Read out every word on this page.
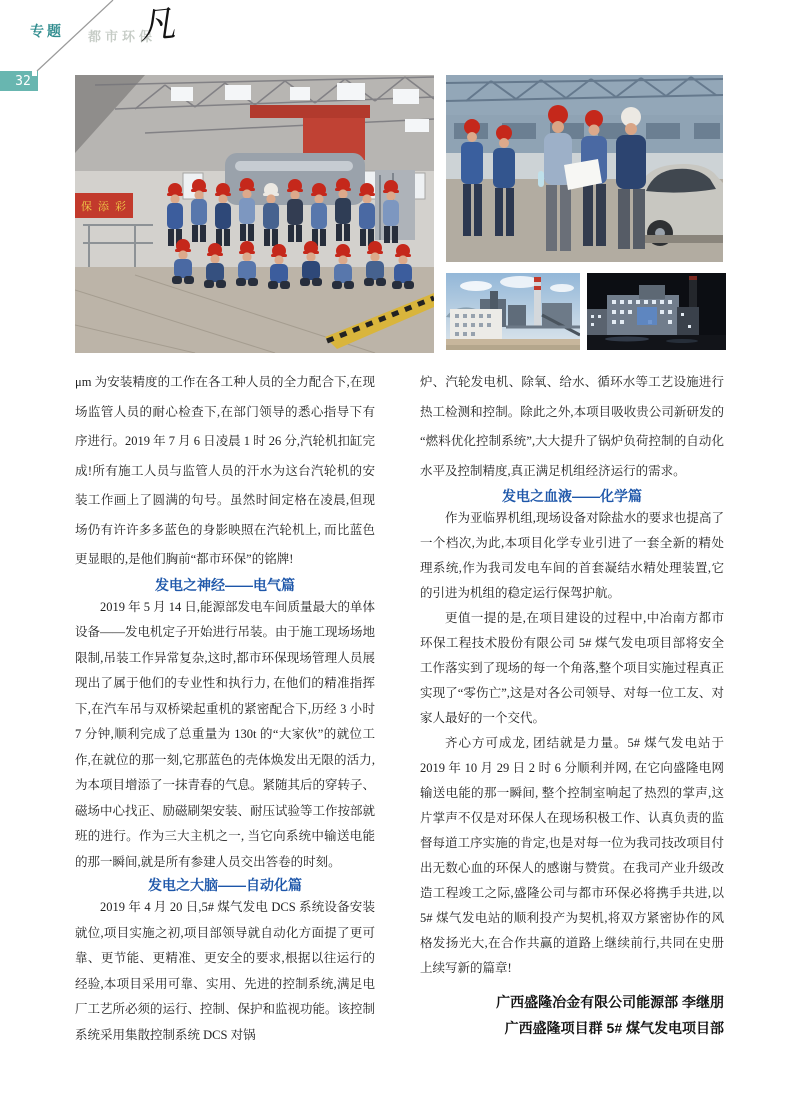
专题 都市环保
凡
32
保添彩

μm 为安装精度的工作在各工种人员的全力配合下,在现场监管人员的耐心检查下,在部门领导的悉心指导下有序进行。2019 年 7 月 6 日凌晨 1 时 26 分,汽轮机扣缸完成!所有施工人员与监管人员的汗水为这台汽轮机的安装工作画上了圆满的句号。虽然时间定格在凌晨,但现场仍有许许多多蓝色的身影映照在汽轮机上, 而比蓝色更显眼的,是他们胸前“都市环保”的铭牌!

发电之神经——电气篇

2019 年 5 月 14 日,能源部发电车间质量最大的单体设备——发电机定子开始进行吊装。由于施工现场场地限制,吊装工作异常复杂,这时,都市环保现场管理人员展现出了属于他们的专业性和执行力, 在他们的精准指挥下,在汽车吊与双桥梁起重机的紧密配合下,历经 3 小时 7 分钟,顺利完成了总重量为 130t 的“大家伙”的就位工作,在就位的那一刻,它那蓝色的壳体焕发出无限的活力,为本项目增添了一抹青春的气息。紧随其后的穿转子、磁场中心找正、励磁刷架安装、耐压试验等工作按部就班的进行。作为三大主机之一, 当它向系统中输送电能的那一瞬间,就是所有参建人员交出答卷的时刻。

发电之大脑——自动化篇

2019 年 4 月 20 日,5# 煤气发电 DCS 系统设备安装就位,项目实施之初,项目部领导就自动化方面提了更可靠、更节能、更精准、更安全的要求,根据以往运行的经验,本项目采用可靠、实用、先进的控制系统,满足电厂工艺所必须的运行、控制、保护和监视功能。该控制系统采用集散控制系统 DCS 对锅

炉、汽轮发电机、除氧、给水、循环水等工艺设施进行热工检测和控制。除此之外,本项目吸收贵公司新研发的“燃料优化控制系统”,大大提升了锅炉负荷控制的自动化水平及控制精度,真正满足机组经济运行的需求。

发电之血液——化学篇

作为亚临界机组,现场设备对除盐水的要求也提高了一个档次,为此,本项目化学专业引进了一套全新的精处理系统,作为我司发电车间的首套凝结水精处理装置,它的引进为机组的稳定运行保驾护航。

更值一提的是,在项目建设的过程中,中冶南方都市环保工程技术股份有限公司 5# 煤气发电项目部将安全工作落实到了现场的每一个角落,整个项目实施过程真正实现了“零伤亡”,这是对各公司领导、对每一位工友、对家人最好的一个交代。

齐心方可成龙, 团结就是力量。5# 煤气发电站于 2019 年 10 月 29 日 2 时 6 分顺利并网, 在它向盛隆电网输送电能的那一瞬间, 整个控制室响起了热烈的掌声,这片掌声不仅是对环保人在现场积极工作、认真负责的监督每道工序实施的肯定,也是对每一位为我司技改项目付出无数心血的环保人的感谢与赞赏。在我司产业升级改造工程竣工之际,盛隆公司与都市环保必将携手共进,以 5# 煤气发电站的顺利投产为契机,将双方紧密协作的风格发扬光大,在合作共赢的道路上继续前行,共同在史册上续写新的篇章!

广西盛隆冶金有限公司能源部 李继朋

广西盛隆项目群 5# 煤气发电项目部
